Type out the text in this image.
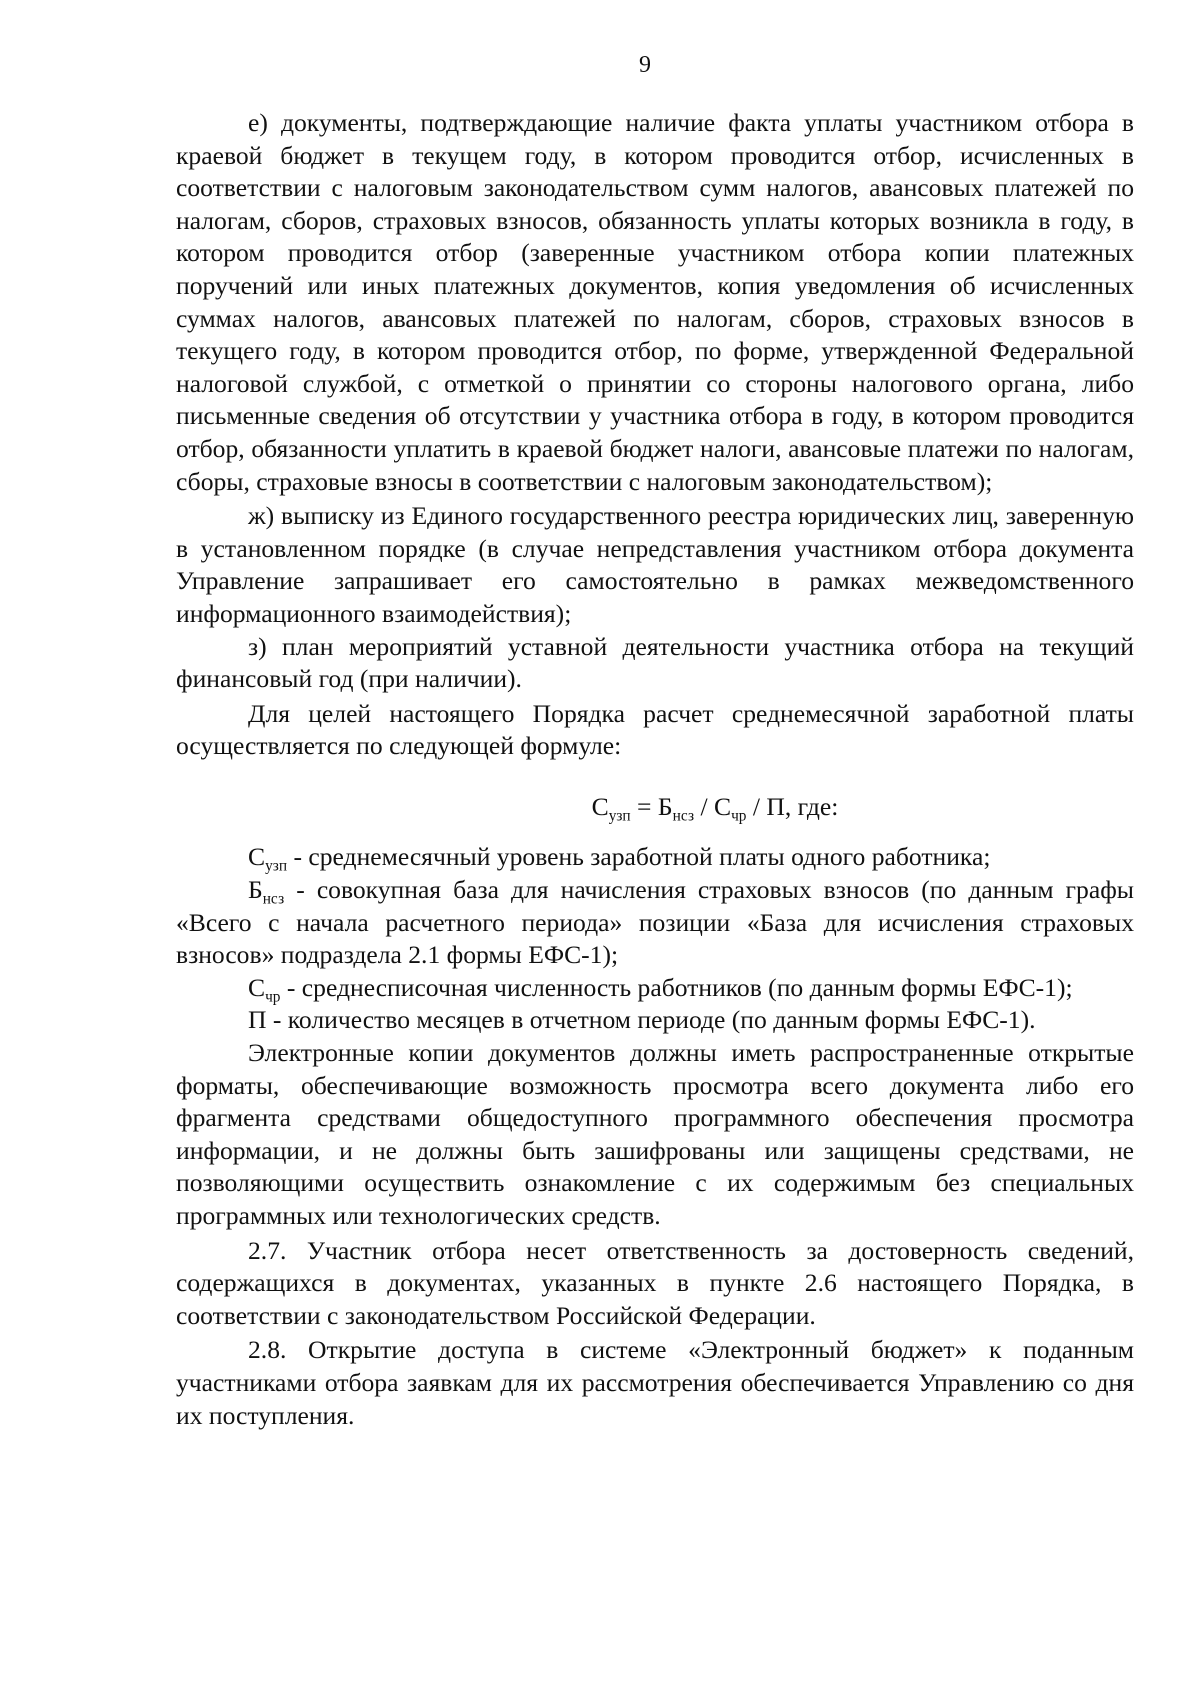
9

е) документы, подтверждающие наличие факта уплаты участником отбора в краевой бюджет в текущем году, в котором проводится отбор, исчисленных в соответствии с налоговым законодательством сумм налогов, авансовых платежей по налогам, сборов, страховых взносов, обязанность уплаты которых возникла в году, в котором проводится отбор (заверенные участником отбора копии платежных поручений или иных платежных документов, копия уведомления об исчисленных суммах налогов, авансовых платежей по налогам, сборов, страховых взносов в текущего году, в котором проводится отбор, по форме, утвержденной Федеральной налоговой службой, с отметкой о принятии со стороны налогового органа, либо письменные сведения об отсутствии у участника отбора в году, в котором проводится отбор, обязанности уплатить в краевой бюджет налоги, авансовые платежи по налогам, сборы, страховые взносы в соответствии с налоговым законодательством);

ж) выписку из Единого государственного реестра юридических лиц, заверенную в установленном порядке (в случае непредставления участником отбора документа Управление запрашивает его самостоятельно в рамках межведомственного информационного взаимодействия);

з) план мероприятий уставной деятельности участника отбора на текущий финансовый год (при наличии).

Для целей настоящего Порядка расчет среднемесячной заработной платы осуществляется по следующей формуле:

$С_{узп} = Б_{нсз} / С_{чр} / П$, где:
$С_{узп}$ - среднемесячный уровень заработной платы одного работника;
$Б_{нсз}$ - совокупная база для начисления страховых взносов (по данным графы «Всего с начала расчетного периода» позиции «База для исчисления страховых взносов» подраздела 2.1 формы ЕФС-1);
$С_{чр}$ - среднесписочная численность работников (по данным формы ЕФС-1);
П - количество месяцев в отчетном периоде (по данным формы ЕФС-1).

Электронные копии документов должны иметь распространенные открытые форматы, обеспечивающие возможность просмотра всего документа либо его фрагмента средствами общедоступного программного обеспечения просмотра информации, и не должны быть зашифрованы или защищены средствами, не позволяющими осуществить ознакомление с их содержимым без специальных программных или технологических средств.

2.7. Участник отбора несет ответственность за достоверность сведений, содержащихся в документах, указанных в пункте 2.6 настоящего Порядка, в соответствии с законодательством Российской Федерации.

2.8. Открытие доступа в системе «Электронный бюджет» к поданным участниками отбора заявкам для их рассмотрения обеспечивается Управлению со дня их поступления.
